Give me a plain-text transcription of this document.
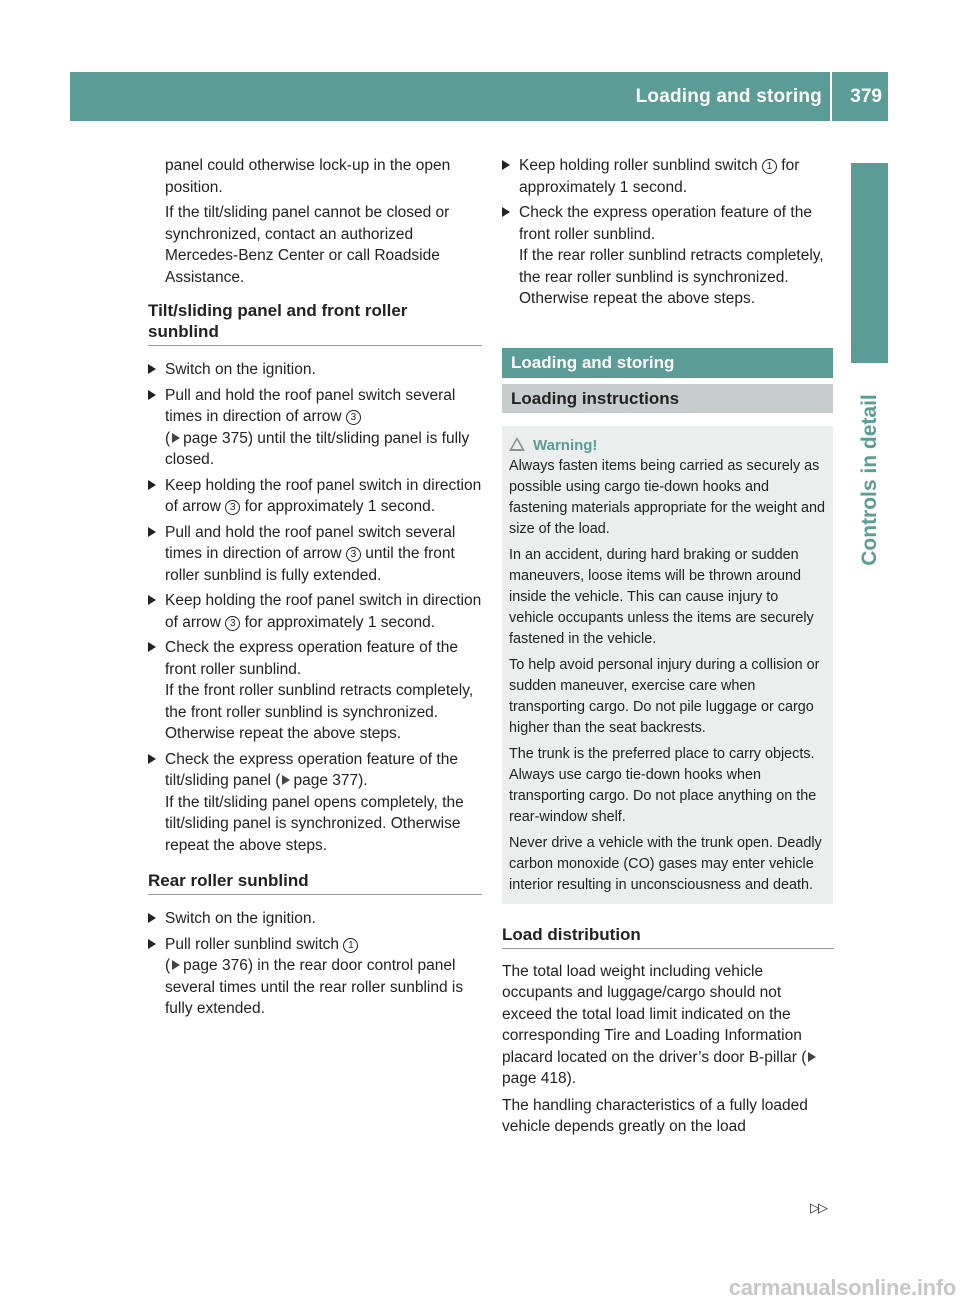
Loading and storing 379
Controls in detail

panel could otherwise lock-up in the open position.

If the tilt/sliding panel cannot be closed or synchronized, contact an authorized Mercedes-Benz Center or call Roadside Assistance.

Tilt/sliding panel and front roller sunblind
Switch on the ignition.
Pull and hold the roof panel switch several times in direction of arrow 3
( page 375) until the tilt/sliding panel is fully closed.
Keep holding the roof panel switch in direction of arrow 3 for approximately 1 second.
Pull and hold the roof panel switch several times in direction of arrow 3 until the front roller sunblind is fully extended.
Keep holding the roof panel switch in direction of arrow 3 for approximately 1 second.
Check the express operation feature of the front roller sunblind.
If the front roller sunblind retracts completely, the front roller sunblind is synchronized. Otherwise repeat the above steps.
Check the express operation feature of the tilt/sliding panel ( page 377).
If the tilt/sliding panel opens completely, the tilt/sliding panel is synchronized. Otherwise repeat the above steps.
Rear roller sunblind
Switch on the ignition.
Pull roller sunblind switch 1
( page 376) in the rear door control panel several times until the rear roller sunblind is fully extended.
Keep holding roller sunblind switch 1 for approximately 1 second.
Check the express operation feature of the front roller sunblind.
If the rear roller sunblind retracts completely, the rear roller sunblind is synchronized. Otherwise repeat the above steps.
Loading and storing
Loading instructions
Warning!

Always fasten items being carried as securely as possible using cargo tie-down hooks and fastening materials appropriate for the weight and size of the load.

In an accident, during hard braking or sudden maneuvers, loose items will be thrown around inside the vehicle. This can cause injury to vehicle occupants unless the items are securely fastened in the vehicle.

To help avoid personal injury during a collision or sudden maneuver, exercise care when transporting cargo. Do not pile luggage or cargo higher than the seat backrests.

The trunk is the preferred place to carry objects. Always use cargo tie-down hooks when transporting cargo. Do not place anything on the rear-window shelf.

Never drive a vehicle with the trunk open. Deadly carbon monoxide (CO) gases may enter vehicle interior resulting in unconsciousness and death.

Load distribution

The total load weight including vehicle occupants and luggage/cargo should not exceed the total load limit indicated on the corresponding Tire and Loading Information placard located on the driver’s door B-pillar (page 418).

The handling characteristics of a fully loaded vehicle depends greatly on the load

▷▷
carmanualsonline.info
